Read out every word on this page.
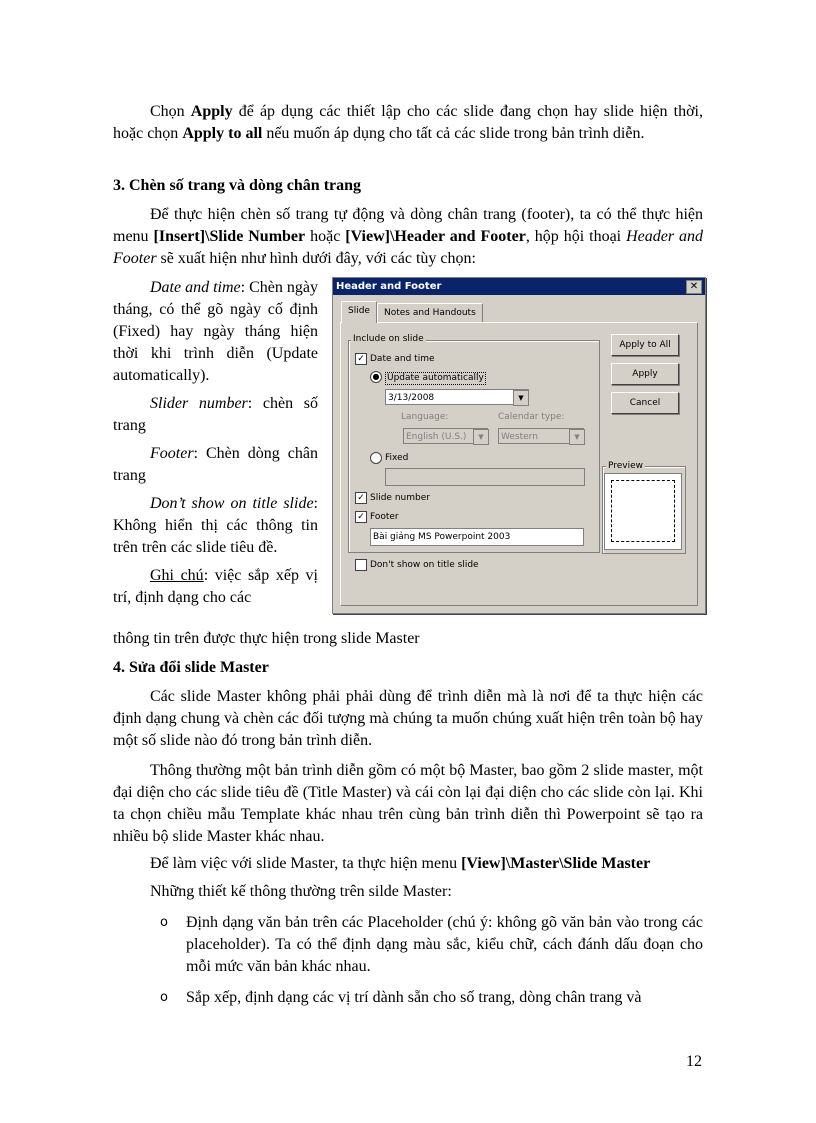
Chọn Apply để áp dụng các thiết lập cho các slide đang chọn hay slide hiện thời, hoặc chọn Apply to all nếu muốn áp dụng cho tất cả các slide trong bản trình diễn.

3. Chèn số trang và dòng chân trang

Để thực hiện chèn số trang tự động và dòng chân trang (footer), ta có thể thực hiện menu [Insert]\Slide Number hoặc [View]\Header and Footer, hộp hội thoại Header and Footer sẽ xuất hiện như hình dưới đây, với các tùy chọn:

Date and time: Chèn ngày tháng, có thể gõ ngày cố định (Fixed) hay ngày tháng hiện thời khi trình diễn (Update automatically).

Slider number: chèn số trang

Footer: Chèn dòng chân trang

Don’t show on title slide: Không hiển thị các thông tin trên trên các slide tiêu đề.

Ghi chú: việc sắp xếp vị trí, định dạng cho các

thông tin trên được thực hiện trong slide Master
Header and Footer	✕
Slide	Notes and Handouts
Include on slide
✓ Date and time
● Update automatically
3/13/2008	▼
Language:	Calendar type:
English (U.S.)	▼	Western	▼
Fixed
✓ Slide number
✓ Footer
Bài giảng MS Powerpoint 2003
Don't show on title slide
Apply to All
Apply
Cancel
Preview
4. Sửa đổi slide Master

Các slide Master không phải phải dùng để trình diễn mà là nơi để ta thực hiện các định dạng chung và chèn các đối tượng mà chúng ta muốn chúng xuất hiện trên toàn bộ hay một số slide nào đó trong bản trình diễn.

Thông thường một bản trình diễn gồm có một bộ Master, bao gồm 2 slide master, một đại diện cho các slide tiêu đề (Title Master) và cái còn lại đại diện cho các slide còn lại. Khi ta chọn chiều mẫu Template khác nhau trên cùng bản trình diễn thì Powerpoint sẽ tạo ra nhiều bộ slide Master khác nhau.

Để làm việc với slide Master, ta thực hiện menu [View]\Master\Slide Master

Những thiết kế thông thường trên silde Master:

o Định dạng văn bản trên các Placeholder (chú ý: không gõ văn bản vào trong các placeholder). Ta có thể định dạng màu sắc, kiểu chữ, cách đánh dấu đoạn cho mỗi mức văn bản khác nhau.
o Sắp xếp, định dạng các vị trí dành sẵn cho số trang, dòng chân trang và
12
